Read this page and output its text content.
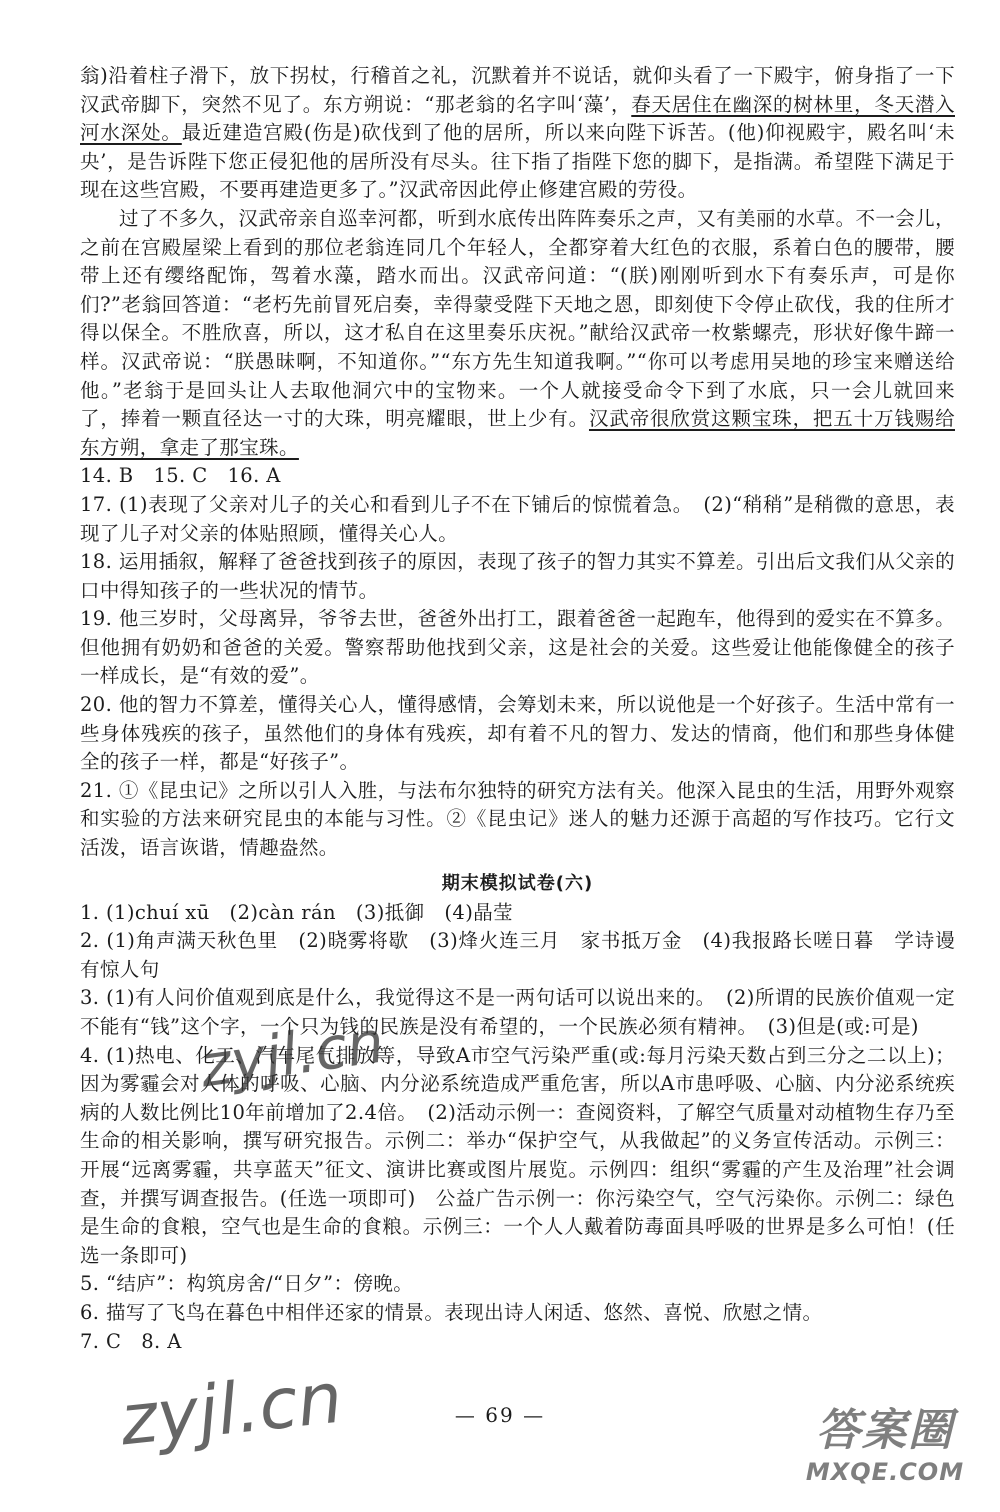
翁)沿着柱子滑下，放下拐杖，行稽首之礼，沉默着并不说话，就仰头看了一下殿宇，俯身指了一下汉武帝脚下，突然不见了。东方朔说：“那老翁的名字叫‘藻’，春天居住在幽深的树林里，冬天潜入河水深处。最近建造宫殿(伤是)砍伐到了他的居所，所以来向陛下诉苦。(他)仰视殿宇，殿名叫‘未央’，是告诉陛下您正侵犯他的居所没有尽头。往下指了指陛下您的脚下，是指满。希望陛下满足于现在这些宫殿，不要再建造更多了。”汉武帝因此停止修建宫殿的劳役。

过了不多久，汉武帝亲自巡幸河都，听到水底传出阵阵奏乐之声，又有美丽的水草。不一会儿，之前在宫殿屋梁上看到的那位老翁连同几个年轻人，全都穿着大红色的衣服，系着白色的腰带，腰带上还有缨络配饰，驾着水藻，踏水而出。汉武帝问道：“(朕)刚刚听到水下有奏乐声，可是你们?”老翁回答道：“老朽先前冒死启奏，幸得蒙受陛下天地之恩，即刻使下令停止砍伐，我的住所才得以保全。不胜欣喜，所以，这才私自在这里奏乐庆祝。”献给汉武帝一枚紫螺壳，形状好像牛蹄一样。汉武帝说：“朕愚昧啊，不知道你。”“东方先生知道我啊。”“你可以考虑用吴地的珍宝来赠送给他。”老翁于是回头让人去取他洞穴中的宝物来。一个人就接受命令下到了水底，只一会儿就回来了，捧着一颗直径达一寸的大珠，明亮耀眼，世上少有。汉武帝很欣赏这颗宝珠，把五十万钱赐给东方朔，拿走了那宝珠。

14. B　15. C　16. A

17. (1)表现了父亲对儿子的关心和看到儿子不在下铺后的惊慌着急。　(2)“稍稍”是稍微的意思，表现了儿子对父亲的体贴照顾，懂得关心人。

18. 运用插叙，解释了爸爸找到孩子的原因，表现了孩子的智力其实不算差。引出后文我们从父亲的口中得知孩子的一些状况的情节。

19. 他三岁时，父母离异，爷爷去世，爸爸外出打工，跟着爸爸一起跑车，他得到的爱实在不算多。但他拥有奶奶和爸爸的关爱。警察帮助他找到父亲，这是社会的关爱。这些爱让他能像健全的孩子一样成长，是“有效的爱”。

20. 他的智力不算差，懂得关心人，懂得感情，会筹划未来，所以说他是一个好孩子。生活中常有一些身体残疾的孩子，虽然他们的身体有残疾，却有着不凡的智力、发达的情商，他们和那些身体健全的孩子一样，都是“好孩子”。

21. ①《昆虫记》之所以引人入胜，与法布尔独特的研究方法有关。他深入昆虫的生活，用野外观察和实验的方法来研究昆虫的本能与习性。②《昆虫记》迷人的魅力还源于高超的写作技巧。它行文活泼，语言诙谐，情趣盎然。

期末模拟试卷(六)

1. (1)chuí xū　(2)càn rán　(3)抵御　(4)晶莹

2. (1)角声满天秋色里　(2)晓雾将歇　(3)烽火连三月　家书抵万金　(4)我报路长嗟日暮　学诗谩有惊人句

3. (1)有人问价值观到底是什么，我觉得这不是一两句话可以说出来的。　(2)所谓的民族价值观一定不能有“钱”这个字，一个只为钱的民族是没有希望的，一个民族必须有精神。　(3)但是(或:可是)

4. (1)热电、化工、汽车尾气排放等，导致A市空气污染严重(或:每月污染天数占到三分之二以上)；因为雾霾会对人体的呼吸、心脑、内分泌系统造成严重危害，所以A市患呼吸、心脑、内分泌系统疾病的人数比例比10年前增加了2.4倍。　(2)活动示例一：查阅资料，了解空气质量对动植物生存乃至生命的相关影响，撰写研究报告。示例二：举办“保护空气，从我做起”的义务宣传活动。示例三：开展“远离雾霾，共享蓝天”征文、演讲比赛或图片展览。示例四：组织“雾霾的产生及治理”社会调查，并撰写调查报告。(任选一项即可)　公益广告示例一：你污染空气，空气污染你。示例二：绿色是生命的食粮，空气也是生命的食粮。示例三：一个人人戴着防毒面具呼吸的世界是多么可怕！(任选一条即可)

5. “结庐”：构筑房舍/“日夕”：傍晚。

6. 描写了飞鸟在暮色中相伴还家的情景。表现出诗人闲适、悠然、喜悦、欣慰之情。

7. C　8. A

— 69 —
zyjl.cn
zyjl.cn	答案圈
MXQE.COM
